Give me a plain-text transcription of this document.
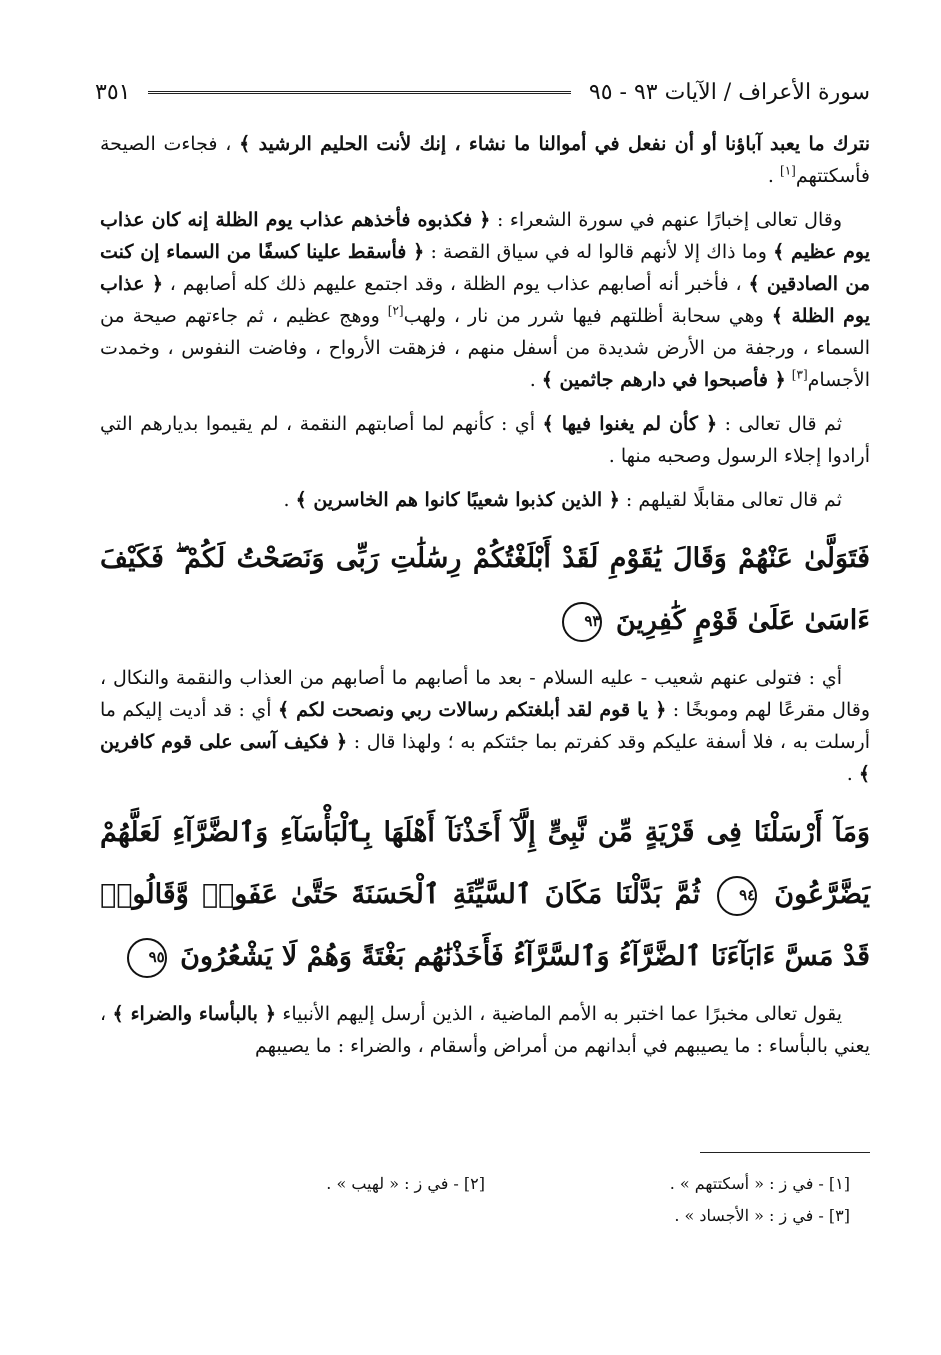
سورة الأعراف / الآيات ٩٣ - ٩٥
٣٥١

نترك ما يعبد آباؤنا أو أن نفعل في أموالنا ما نشاء ، إنك لأنت الحليم الرشيد ﴾ ، فجاءت الصيحة فأسكتتهم[١] .

وقال تعالى إخبارًا عنهم في سورة الشعراء : ﴿ فكذبوه فأخذهم عذاب يوم الظلة إنه كان عذاب يوم عظيم ﴾ وما ذاك إلا لأنهم قالوا له في سياق القصة : ﴿ فأسقط علينا كسفًا من السماء إن كنت من الصادقين ﴾ ، فأخبر أنه أصابهم عذاب يوم الظلة ، وقد اجتمع عليهم ذلك كله أصابهم ، ﴿ عذاب يوم الظلة ﴾ وهي سحابة أظلتهم فيها شرر من نار ، ولهب[٢] ووهج عظيم ، ثم جاءتهم صيحة من السماء ، ورجفة من الأرض شديدة من أسفل منهم ، فزهقت الأرواح ، وفاضت النفوس ، وخمدت الأجسام[٣] ﴿ فأصبحوا في دارهم جاثمين ﴾ .

ثم قال تعالى : ﴿ كأن لم يغنوا فيها ﴾ أي : كأنهم لما أصابتهم النقمة ، لم يقيموا بديارهم التي أرادوا إجلاء الرسول وصحبه منها .

ثم قال تعالى مقابلًا لقيلهم : ﴿ الذين كذبوا شعيبًا كانوا هم الخاسرين ﴾ .

فَتَوَلَّىٰ عَنْهُمْ وَقَالَ يَٰقَوْمِ لَقَدْ أَبْلَغْتُكُمْ رِسَٰلَٰتِ رَبِّى وَنَصَحْتُ لَكُمْ ۖ فَكَيْفَ ءَاسَىٰ عَلَىٰ قَوْمٍ كَٰفِرِينَ ٩٣

أي : فتولى عنهم شعيب - عليه السلام - بعد ما أصابهم ما أصابهم من العذاب والنقمة والنكال ، وقال مقرعًا لهم وموبخًا : ﴿ يا قوم لقد أبلغتكم رسالات ربي ونصحت لكم ﴾ أي : قد أديت إليكم ما أرسلت به ، فلا أسفة عليكم وقد كفرتم بما جئتكم به ؛ ولهذا قال : ﴿ فكيف آسى على قوم كافرين ﴾ .

وَمَآ أَرْسَلْنَا فِى قَرْيَةٍ مِّن نَّبِىٍّ إِلَّآ أَخَذْنَآ أَهْلَهَا بِٱلْبَأْسَآءِ وَٱلضَّرَّآءِ لَعَلَّهُمْ يَضَّرَّعُونَ ٩٤ ثُمَّ بَدَّلْنَا مَكَانَ ٱلسَّيِّئَةِ ٱلْحَسَنَةَ حَتَّىٰ عَفَوا۟ وَّقَالُوا۟ قَدْ مَسَّ ءَابَآءَنَا ٱلضَّرَّآءُ وَٱلسَّرَّآءُ فَأَخَذْنَٰهُم بَغْتَةً وَهُمْ لَا يَشْعُرُونَ ٩٥

يقول تعالى مخبرًا عما اختبر به الأمم الماضية ، الذين أرسل إليهم الأنبياء ﴿ بالبأساء والضراء ﴾ ، يعني بالبأساء : ما يصيبهم في أبدانهم من أمراض وأسقام ، والضراء : ما يصيبهم

[١] - في ز : « أسكتتهم » .
[٢] - في ز : « لهيب » .
[٣] - في ز : « الأجساد » .
